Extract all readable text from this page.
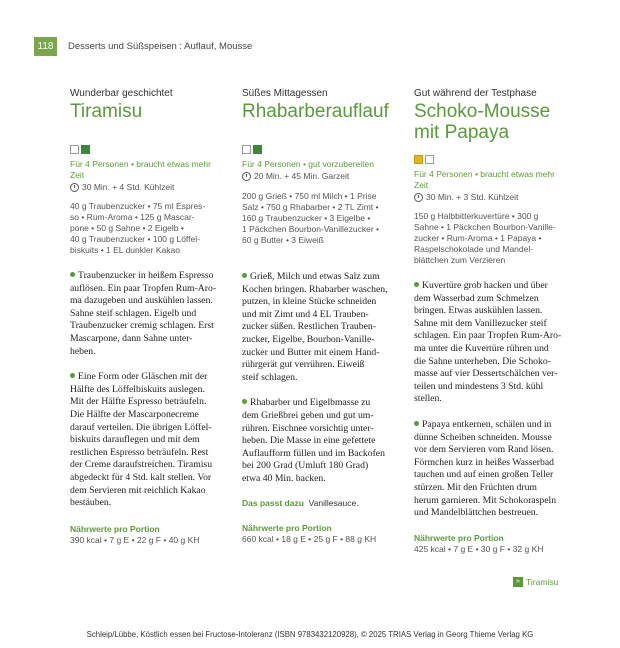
118	Desserts und Süßspeisen : Auflauf, Mousse
Wunderbar geschichtet
Tiramisu
Für 4 Personen • braucht etwas mehr
Zeit
30 Min. + 4 Std. Kühlzeit
40 g Traubenzucker • 75 ml Espres-
so • Rum-Aroma • 125 g Mascar-
pone • 50 g Sahne • 2 Eigelb •
40 g Traubenzucker • 100 g Löffel-
biskuits • 1 EL dunkler Kakao
Traubenzucker in heißem Espresso
auflösen. Ein paar Tropfen Rum-Aro-
ma dazugeben und auskühlen lassen.
Sahne steif schlagen. Eigelb und
Traubenzucker cremig schlagen. Erst
Mascarpone, dann Sahne unter-
heben.
Eine Form oder Gläschen mit der
Hälfte des Löffelbiskuits auslegen.
Mit der Hälfte Espresso beträufeln.
Die Hälfte der Mascarponecreme
darauf verteilen. Die übrigen Löffel-
biskuits darauflegen und mit dem
restlichen Espresso beträufeln. Rest
der Creme daraufstreichen. Tiramisu
abgedeckt für 4 Std. kalt stellen. Vor
dem Servieren mit reichlich Kakao
bestäuben.
Nährwerte pro Portion
390 kcal • 7 g E • 22 g F • 40 g KH
Süßes Mittagessen
Rhabarberauflauf
Für 4 Personen • gut vorzubereiten
20 Min. + 45 Min. Garzeit
200 g Grieß • 750 ml Milch • 1 Prise
Salz • 750 g Rhabarber • 2 TL Zimt •
160 g Traubenzucker • 3 Eigelbe •
1 Päckchen Bourbon-Vanillezucker •
60 g Butter • 3 Eiweiß
Grieß, Milch und etwas Salz zum
Kochen bringen. Rhabarber waschen,
putzen, in kleine Stücke schneiden
und mit Zimt und 4 EL Trauben-
zucker süßen. Restlichen Trauben-
zucker, Eigelbe, Bourbon-Vanille-
zucker und Butter mit einem Hand-
rührgerät gut verrühren. Eiweiß
steif schlagen.
Rhabarber und Eigelbmasse zu
dem Grießbrei geben und gut um-
rühren. Eischnee vorsichtig unter-
heben. Die Masse in eine gefettete
Auflaufform füllen und im Backofen
bei 200 Grad (Umluft 180 Grad)
etwa 40 Min. backen.
Das passt dazu Vanillesauce.
Nährwerte pro Portion
660 kcal • 18 g E • 25 g F • 88 g KH
Gut während der Testphase
Schoko-Mousse
mit Papaya
Für 4 Personen • braucht etwas mehr
Zeit
30 Min. + 3 Std. Kühlzeit
150 g Halbbitterkuvertüre • 300 g
Sahne • 1 Päckchen Bourbon-Vanille-
zucker • Rum-Aroma • 1 Papaya •
Raspelschokolade und Mandel-
blättchen zum Verzieren
Kuvertüre grob hacken und über
dem Wasserbad zum Schmelzen
bringen. Etwas auskühlen lassen.
Sahne mit dem Vanillezucker steif
schlagen. Ein paar Tropfen Rum-Aro-
ma unter die Kuvertüre rühren und
die Sahne unterheben. Die Schoko-
masse auf vier Dessertschälchen ver-
teilen und mindestens 3 Std. kühl
stellen.
Papaya entkernen, schälen und in
dünne Scheiben schneiden. Mousse
vor dem Servieren vom Rand lösen.
Förmchen kurz in heißes Wasserbad
tauchen und auf einen großen Teller
stürzen. Mit den Früchten drum
herum garnieren. Mit Schokoraspeln
und Mandelblättchen bestreuen.
Nährwerte pro Portion
425 kcal • 7 g E • 30 g F • 32 g KH
» Tiramisu
Schleip/Lübbe, Köstlich essen bei Fructose-Intoleranz (ISBN 9783432120928), © 2025 TRIAS Verlag in Georg Thieme Verlag KG
